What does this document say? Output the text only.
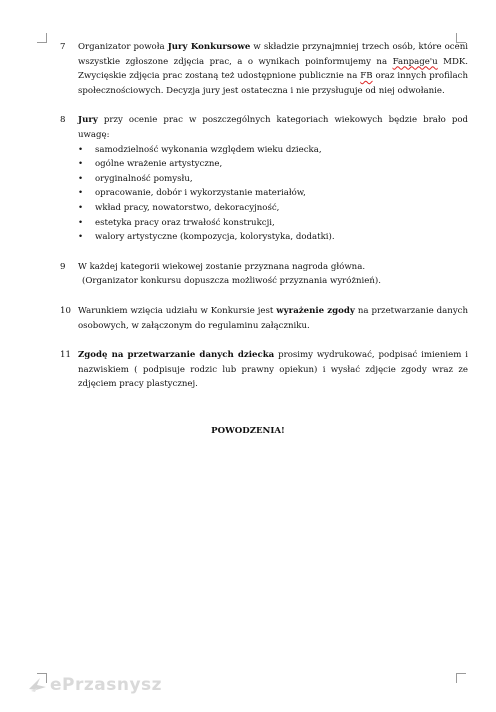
7 Organizator powoła Jury Konkursowe w składzie przynajmniej trzech osób, które oceni wszystkie zgłoszone zdjęcia prac, a o wynikach poinformujemy na Fanpage'u MDK. Zwycięskie zdjęcia prac zostaną też udostępnione publicznie na FB oraz innych profilach społecznościowych. Decyzja jury jest ostateczna i nie przysługuje od niej odwołanie.

8 Jury przy ocenie prac w poszczególnych kategoriach wiekowych będzie brało pod uwagę:
• samodzielność wykonania względem wieku dziecka,
• ogólne wrażenie artystyczne,
• oryginalność pomysłu,
• opracowanie, dobór i wykorzystanie materiałów,
• wkład pracy, nowatorstwo, dekoracyjność,
• estetyka pracy oraz trwałość konstrukcji,
• walory artystyczne (kompozycja, kolorystyka, dodatki).
9 W każdej kategorii wiekowej zostanie przyznana nagroda główna.
(Organizator konkursu dopuszcza możliwość przyznania wyróżnień).

10 Warunkiem wzięcia udziału w Konkursie jest wyrażenie zgody na przetwarzanie danych osobowych, w załączonym do regulaminu załączniku.

11 Zgodę na przetwarzanie danych dziecka prosimy wydrukować, podpisać imieniem i nazwiskiem ( podpisuje rodzic lub prawny opiekun) i wysłać zdjęcie zgody wraz ze zdjęciem pracy plastycznej.

POWODZENIA!
ePrzasnysz
